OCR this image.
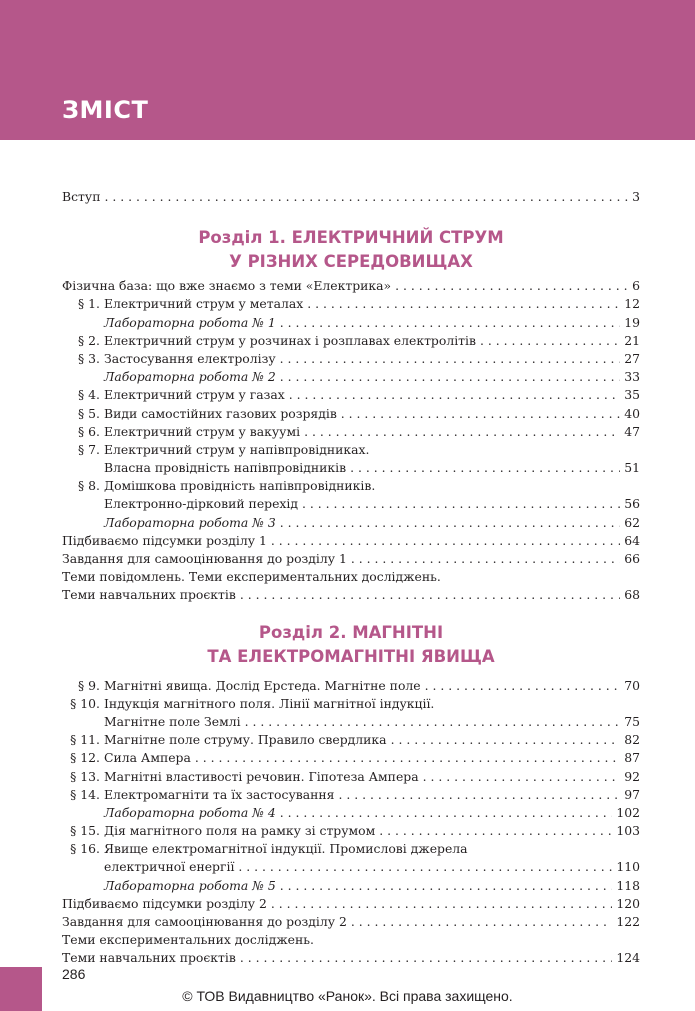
ЗМІСТ
Вступ . . .	3
Розділ 1. ЕЛЕКТРИЧНИЙ СТРУМ
У РІЗНИХ СЕРЕДОВИЩАХ
Фізична база: що вже знаємо з теми «Електрика» . . .	6
§ 1. Електричний струм у металах . . .	12
Лабораторна робота № 1 . . .	19
§ 2. Електричний струм у розчинах і розплавах електролітів . . .	21
§ 3. Застосування електролізу . . .	27
Лабораторна робота № 2 . . .	33
§ 4. Електричний струм у газах . . .	35
§ 5. Види самостійних газових розрядів . . .	40
§ 6. Електричний струм у вакуумі . . .	47
§ 7. Електричний струм у напівпровідниках.
Власна провідність напівпровідників . . .	51
§ 8. Домішкова провідність напівпровідників.
Електронно-дірковий перехід . . .	56
Лабораторна робота № 3 . . .	62
Підбиваємо підсумки розділу 1 . . .	64
Завдання для самооцінювання до розділу 1 . . .	66
Теми повідомлень. Теми експериментальних досліджень.
Теми навчальних проєктів . . .	68
Розділ 2. МАГНІТНІ
ТА ЕЛЕКТРОМАГНІТНІ ЯВИЩА
§ 9. Магнітні явища. Дослід Ерстеда. Магнітне поле . . .	70
§ 10. Індукція магнітного поля. Лінії магнітної індукції.
Магнітне поле Землі . . .	75
§ 11. Магнітне поле струму. Правило свердлика . . .	82
§ 12. Сила Ампера . . .	87
§ 13. Магнітні властивості речовин. Гіпотеза Ампера . . .	92
§ 14. Електромагніти та їх застосування . . .	97
Лабораторна робота № 4 . . .	102
§ 15. Дія магнітного поля на рамку зі струмом . . .	103
§ 16. Явище електромагнітної індукції. Промислові джерела
електричної енергії . . .	110
Лабораторна робота № 5 . . .	118
Підбиваємо підсумки розділу 2 . . .	120
Завдання для самооцінювання до розділу 2 . . .	122
Теми експериментальних досліджень.
Теми навчальних проєктів . . .	124
286
© ТОВ Видавництво «Ранок». Всі права захищено.
